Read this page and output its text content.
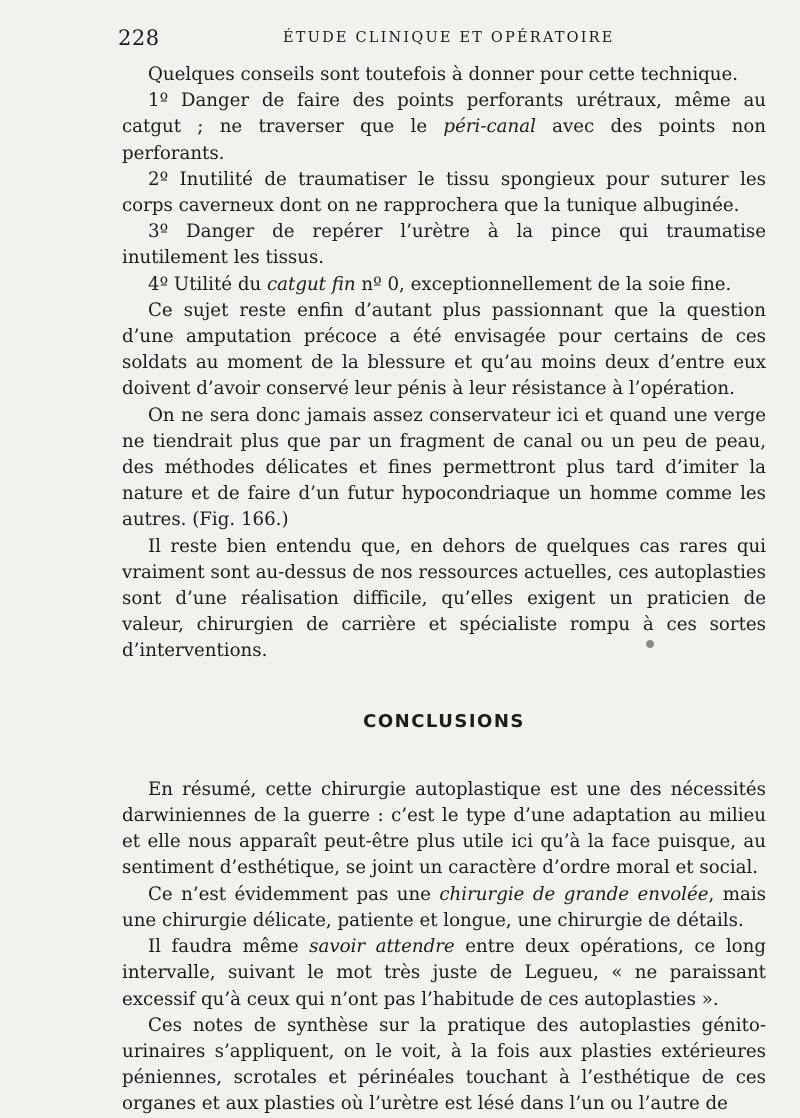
228	ÉTUDE CLINIQUE ET OPÉRATOIRE

Quelques conseils sont toutefois à donner pour cette technique.

1º Danger de faire des points perforants urétraux, même au catgut ; ne traverser que le péri-canal avec des points non perforants.

2º Inutilité de traumatiser le tissu spongieux pour suturer les corps caverneux dont on ne rapprochera que la tunique albuginée.

3º Danger de repérer l’urètre à la pince qui traumatise inutilement les tissus.

4º Utilité du catgut fin nº 0, exceptionnellement de la soie fine.

Ce sujet reste enfin d’autant plus passionnant que la question d’une amputation précoce a été envisagée pour certains de ces soldats au moment de la blessure et qu’au moins deux d’entre eux doivent d’avoir conservé leur pénis à leur résistance à l’opération.

On ne sera donc jamais assez conservateur ici et quand une verge ne tiendrait plus que par un fragment de canal ou un peu de peau, des méthodes délicates et fines permettront plus tard d’imiter la nature et de faire d’un futur hypocondriaque un homme comme les autres. (Fig. 166.)

Il reste bien entendu que, en dehors de quelques cas rares qui vraiment sont au-dessus de nos ressources actuelles, ces autoplasties sont d’une réalisation difficile, qu’elles exigent un praticien de valeur, chirurgien de carrière et spécialiste rompu à ces sortes d’interventions.

CONCLUSIONS

En résumé, cette chirurgie autoplastique est une des nécessités darwiniennes de la guerre : c’est le type d’une adaptation au milieu et elle nous apparaît peut-être plus utile ici qu’à la face puisque, au sentiment d’esthétique, se joint un caractère d’ordre moral et social.

Ce n’est évidemment pas une chirurgie de grande envolée, mais une chirurgie délicate, patiente et longue, une chirurgie de détails.

Il faudra même savoir attendre entre deux opérations, ce long intervalle, suivant le mot très juste de Legueu, « ne paraissant excessif qu’à ceux qui n’ont pas l’habitude de ces autoplasties ».

Ces notes de synthèse sur la pratique des autoplasties génito-urinaires s’appliquent, on le voit, à la fois aux plasties extérieures péniennes, scrotales et périnéales touchant à l’esthétique de ces organes et aux plasties où l’urètre est lésé dans l’un ou l’autre de
